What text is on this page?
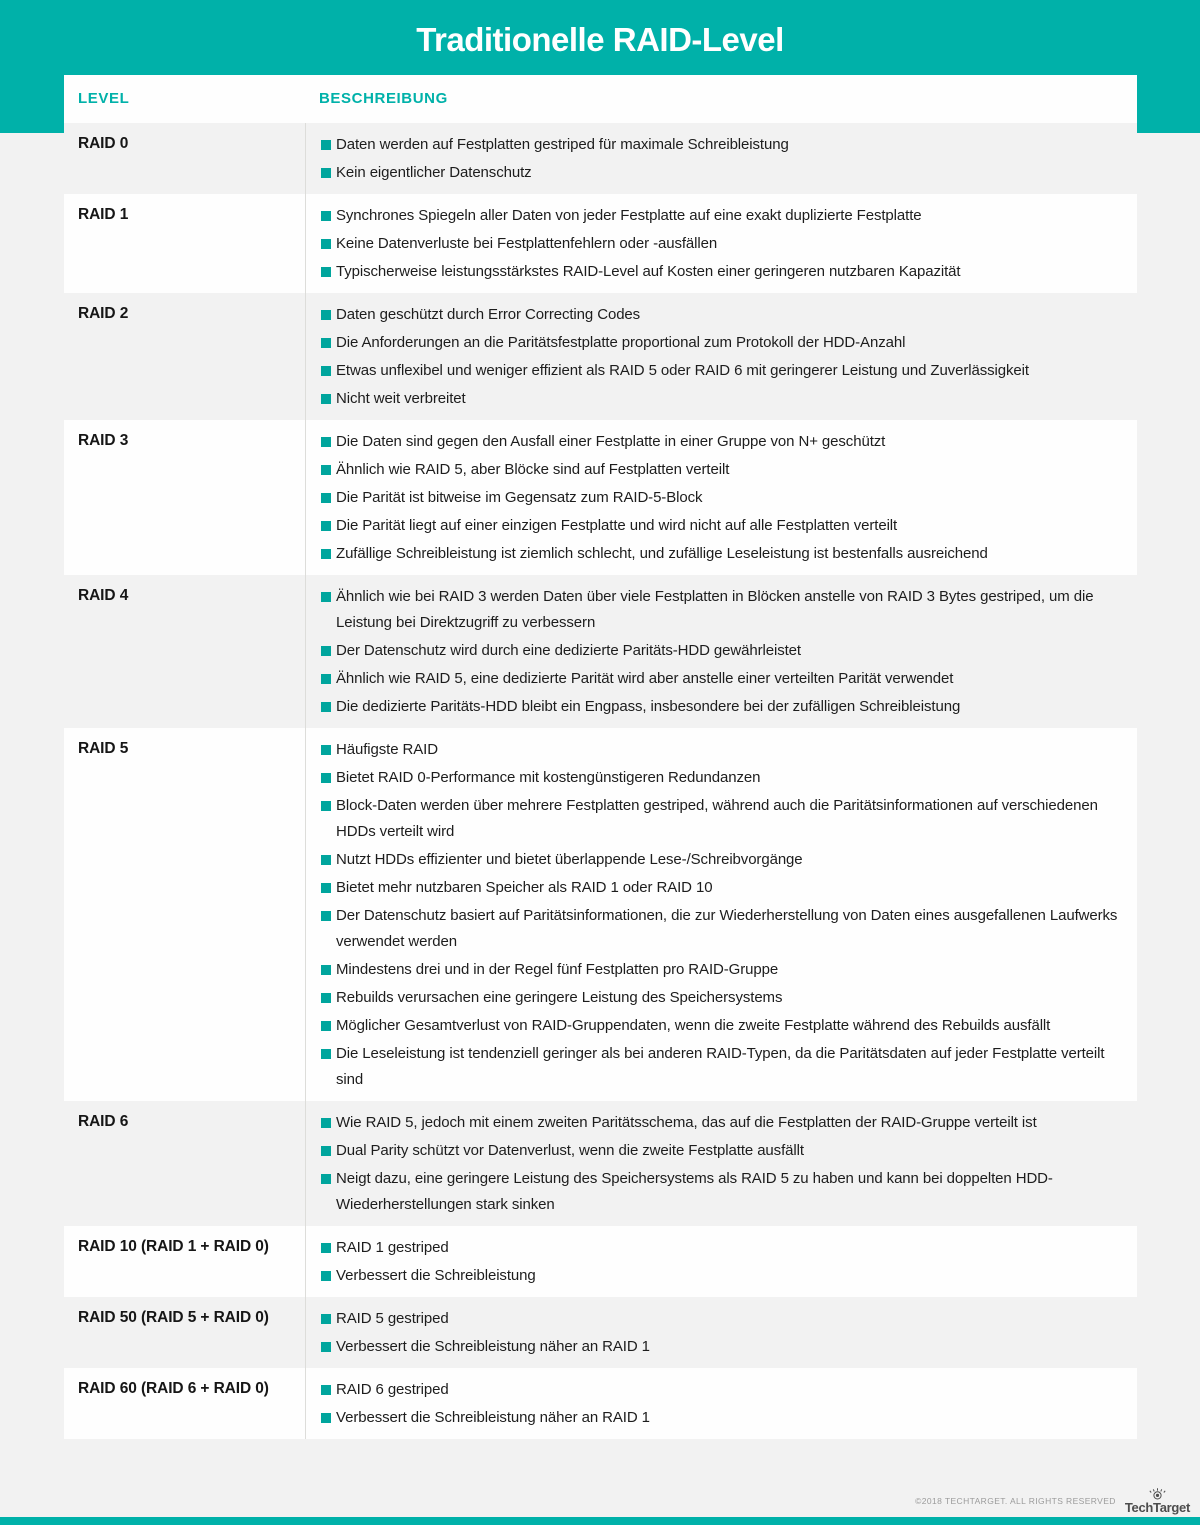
Traditionelle RAID-Level
LEVEL	BESCHREIBUNG
RAID 0	Daten werden auf Festplatten gestriped für maximale Schreibleistung
Kein eigentlicher Datenschutz
RAID 1	Synchrones Spiegeln aller Daten von jeder Festplatte auf eine exakt duplizierte Festplatte
Keine Datenverluste bei Festplattenfehlern oder -ausfällen
Typischerweise leistungsstärkstes RAID-Level auf Kosten einer geringeren nutzbaren Kapazität
RAID 2	Daten geschützt durch Error Correcting Codes
Die Anforderungen an die Paritätsfestplatte proportional zum Protokoll der HDD-Anzahl
Etwas unflexibel und weniger effizient als RAID 5 oder RAID 6 mit geringerer Leistung und Zuverlässigkeit
Nicht weit verbreitet
RAID 3	Die Daten sind gegen den Ausfall einer Festplatte in einer Gruppe von N+ geschützt
Ähnlich wie RAID 5, aber Blöcke sind auf Festplatten verteilt
Die Parität ist bitweise im Gegensatz zum RAID-5-Block
Die Parität liegt auf einer einzigen Festplatte und wird nicht auf alle Festplatten verteilt
Zufällige Schreibleistung ist ziemlich schlecht, und zufällige Leseleistung ist bestenfalls ausreichend
RAID 4	Ähnlich wie bei RAID 3 werden Daten über viele Festplatten in Blöcken anstelle von RAID 3 Bytes gestriped, um die Leistung bei Direktzugriff zu verbessern
Der Datenschutz wird durch eine dedizierte Paritäts-HDD gewährleistet
Ähnlich wie RAID 5, eine dedizierte Parität wird aber anstelle einer verteilten Parität verwendet
Die dedizierte Paritäts-HDD bleibt ein Engpass, insbesondere bei der zufälligen Schreibleistung
RAID 5	Häufigste RAID
Bietet RAID 0-Performance mit kostengünstigeren Redundanzen
Block-Daten werden über mehrere Festplatten gestriped, während auch die Paritätsinformationen auf verschiedenen HDDs verteilt wird
Nutzt HDDs effizienter und bietet überlappende Lese-/Schreibvorgänge
Bietet mehr nutzbaren Speicher als RAID 1 oder RAID 10
Der Datenschutz basiert auf Paritätsinformationen, die zur Wiederherstellung von Daten eines ausgefallenen Laufwerks verwendet werden
Mindestens drei und in der Regel fünf Festplatten pro RAID-Gruppe
Rebuilds verursachen eine geringere Leistung des Speichersystems
Möglicher Gesamtverlust von RAID-Gruppendaten, wenn die zweite Festplatte während des Rebuilds ausfällt
Die Leseleistung ist tendenziell geringer als bei anderen RAID-Typen, da die Paritätsdaten auf jeder Festplatte verteilt sind
RAID 6	Wie RAID 5, jedoch mit einem zweiten Paritätsschema, das auf die Festplatten der RAID-Gruppe verteilt ist
Dual Parity schützt vor Datenverlust, wenn die zweite Festplatte ausfällt
Neigt dazu, eine geringere Leistung des Speichersystems als RAID 5 zu haben und kann bei doppelten HDD-Wiederherstellungen stark sinken
RAID 10 (RAID 1 + RAID 0)	RAID 1 gestriped
Verbessert die Schreibleistung
RAID 50 (RAID 5 + RAID 0)	RAID 5 gestriped
Verbessert die Schreibleistung näher an RAID 1
RAID 60 (RAID 6 + RAID 0)	RAID 6 gestriped
Verbessert die Schreibleistung näher an RAID 1
©2018 TECHTARGET. ALL RIGHTS RESERVED TechTarget
